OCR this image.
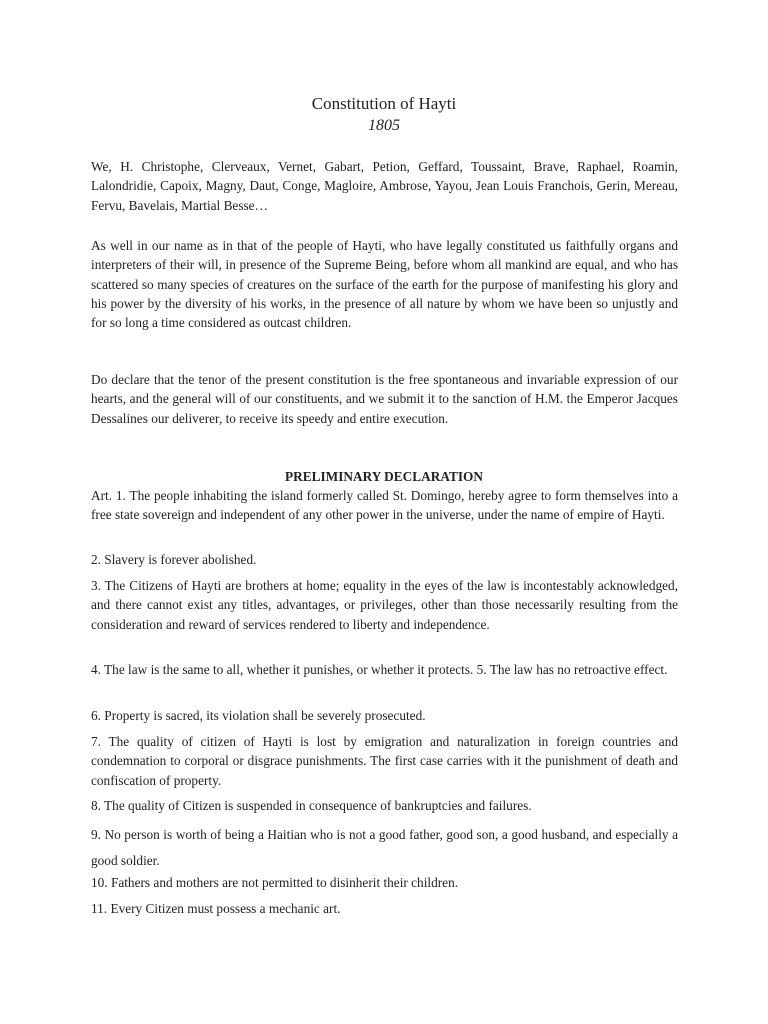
Constitution of Hayti
1805

We, H. Christophe, Clerveaux, Vernet, Gabart, Petion, Geffard, Toussaint, Brave, Raphael, Roamin, Lalondridie, Capoix, Magny, Daut, Conge, Magloire, Ambrose, Yayou, Jean Louis Franchois, Gerin, Mereau, Fervu, Bavelais, Martial Besse…

As well in our name as in that of the people of Hayti, who have legally constituted us faithfully organs and interpreters of their will, in presence of the Supreme Being, before whom all mankind are equal, and who has scattered so many species of creatures on the surface of the earth for the purpose of manifesting his glory and his power by the diversity of his works, in the presence of all nature by whom we have been so unjustly and for so long a time considered as outcast children.

Do declare that the tenor of the present constitution is the free spontaneous and invariable expression of our hearts, and the general will of our constituents, and we submit it to the sanction of H.M. the Emperor Jacques Dessalines our deliverer, to receive its speedy and entire execution.

PRELIMINARY DECLARATION

Art. 1. The people inhabiting the island formerly called St. Domingo, hereby agree to form themselves into a free state sovereign and independent of any other power in the universe, under the name of empire of Hayti.

2. Slavery is forever abolished.

3. The Citizens of Hayti are brothers at home; equality in the eyes of the law is incontestably acknowledged, and there cannot exist any titles, advantages, or privileges, other than those necessarily resulting from the consideration and reward of services rendered to liberty and independence.

4. The law is the same to all, whether it punishes, or whether it protects. 5. The law has no retroactive effect.

6. Property is sacred, its violation shall be severely prosecuted.

7. The quality of citizen of Hayti is lost by emigration and naturalization in foreign countries and condemnation to corporal or disgrace punishments. The first case carries with it the punishment of death and confiscation of property.

8. The quality of Citizen is suspended in consequence of bankruptcies and failures.

9. No person is worth of being a Haitian who is not a good father, good son, a good husband, and especially a good soldier.

10. Fathers and mothers are not permitted to disinherit their children.

11. Every Citizen must possess a mechanic art.
